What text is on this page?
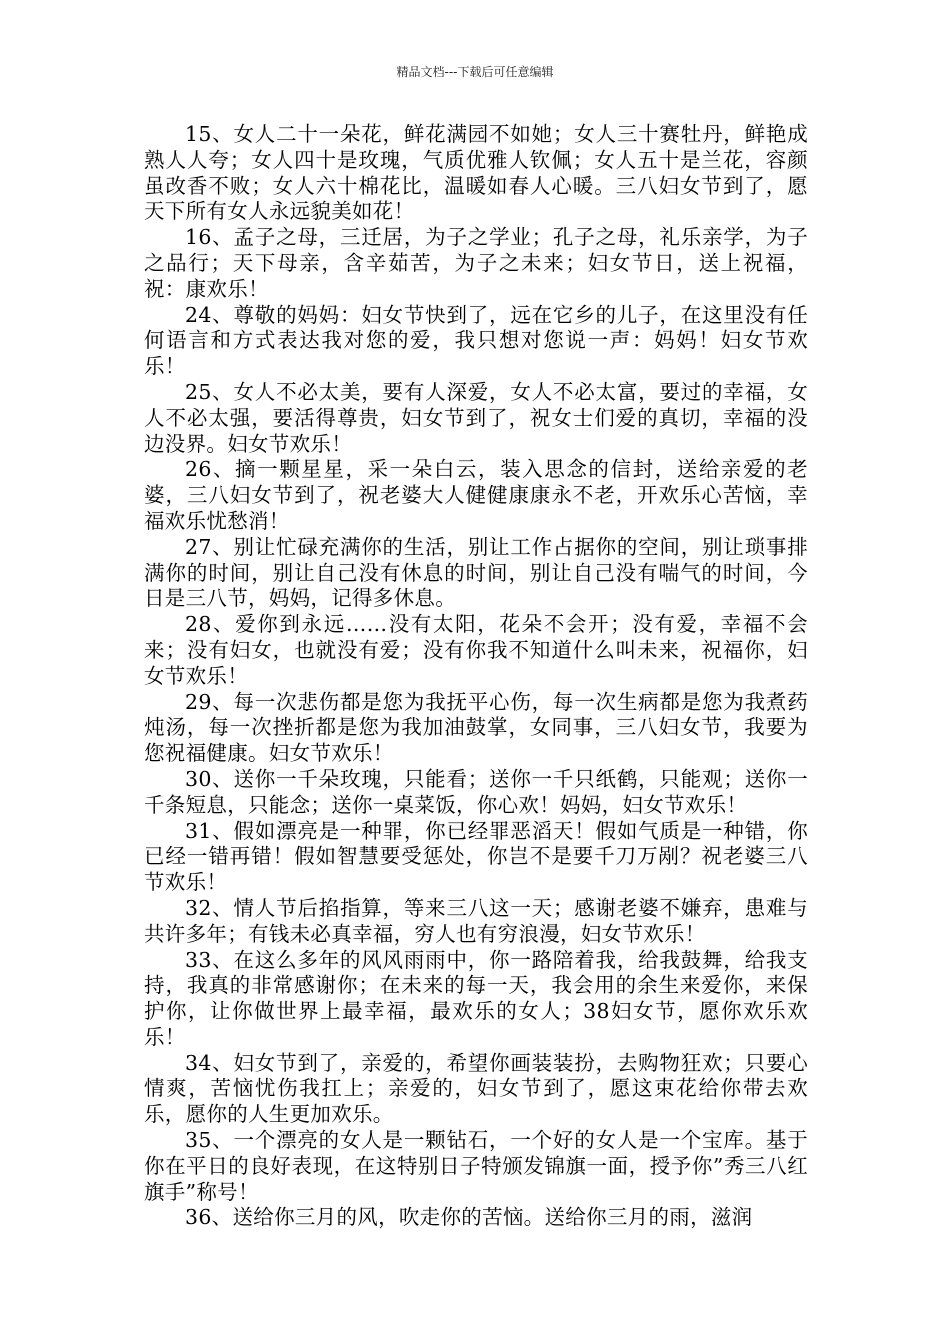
精品文档---下载后可任意编辑

15、女人二十一朵花，鲜花满园不如她；女人三十赛牡丹，鲜艳成熟人人夸；女人四十是玫瑰，气质优雅人钦佩；女人五十是兰花，容颜虽改香不败；女人六十棉花比，温暖如春人心暖。三八妇女节到了，愿天下所有女人永远貌美如花！

16、孟子之母，三迁居，为子之学业；孔子之母，礼乐亲学，为子之品行；天下母亲，含辛茹苦，为子之未来；妇女节日，送上祝福，祝：康欢乐！

24、尊敬的妈妈：妇女节快到了，远在它乡的儿子，在这里没有任何语言和方式表达我对您的爱，我只想对您说一声：妈妈！妇女节欢乐！

25、女人不必太美，要有人深爱，女人不必太富，要过的幸福，女人不必太强，要活得尊贵，妇女节到了，祝女士们爱的真切，幸福的没边没界。妇女节欢乐！

26、摘一颗星星，采一朵白云，装入思念的信封，送给亲爱的老婆，三八妇女节到了，祝老婆大人健健康康永不老，开欢乐心苦恼，幸福欢乐忧愁消！

27、别让忙碌充满你的生活，别让工作占据你的空间，别让琐事排满你的时间，别让自己没有休息的时间，别让自己没有喘气的时间，今日是三八节，妈妈，记得多休息。

28、爱你到永远……没有太阳，花朵不会开；没有爱，幸福不会来；没有妇女，也就没有爱；没有你我不知道什么叫未来，祝福你，妇女节欢乐！

29、每一次悲伤都是您为我抚平心伤，每一次生病都是您为我煮药炖汤，每一次挫折都是您为我加油鼓掌，女同事，三八妇女节，我要为您祝福健康。妇女节欢乐！

30、送你一千朵玫瑰，只能看；送你一千只纸鹤，只能观；送你一千条短息，只能念；送你一桌菜饭，你心欢！妈妈，妇女节欢乐！

31、假如漂亮是一种罪，你已经罪恶滔天！假如气质是一种错，你已经一错再错！假如智慧要受惩处，你岂不是要千刀万剐？祝老婆三八节欢乐！

32、情人节后掐指算，等来三八这一天；感谢老婆不嫌弃，患难与共许多年；有钱未必真幸福，穷人也有穷浪漫，妇女节欢乐！

33、在这么多年的风风雨雨中，你一路陪着我，给我鼓舞，给我支持，我真的非常感谢你；在未来的每一天，我会用的余生来爱你，来保护你，让你做世界上最幸福，最欢乐的女人；38妇女节，愿你欢乐欢乐！

34、妇女节到了，亲爱的，希望你画装装扮，去购物狂欢；只要心情爽，苦恼忧伤我扛上；亲爱的，妇女节到了，愿这束花给你带去欢乐，愿你的人生更加欢乐。

35、一个漂亮的女人是一颗钻石，一个好的女人是一个宝库。基于你在平日的良好表现，在这特别日子特颁发锦旗一面，授予你”秀三八红旗手”称号！

36、送给你三月的风，吹走你的苦恼。送给你三月的雨，滋润
